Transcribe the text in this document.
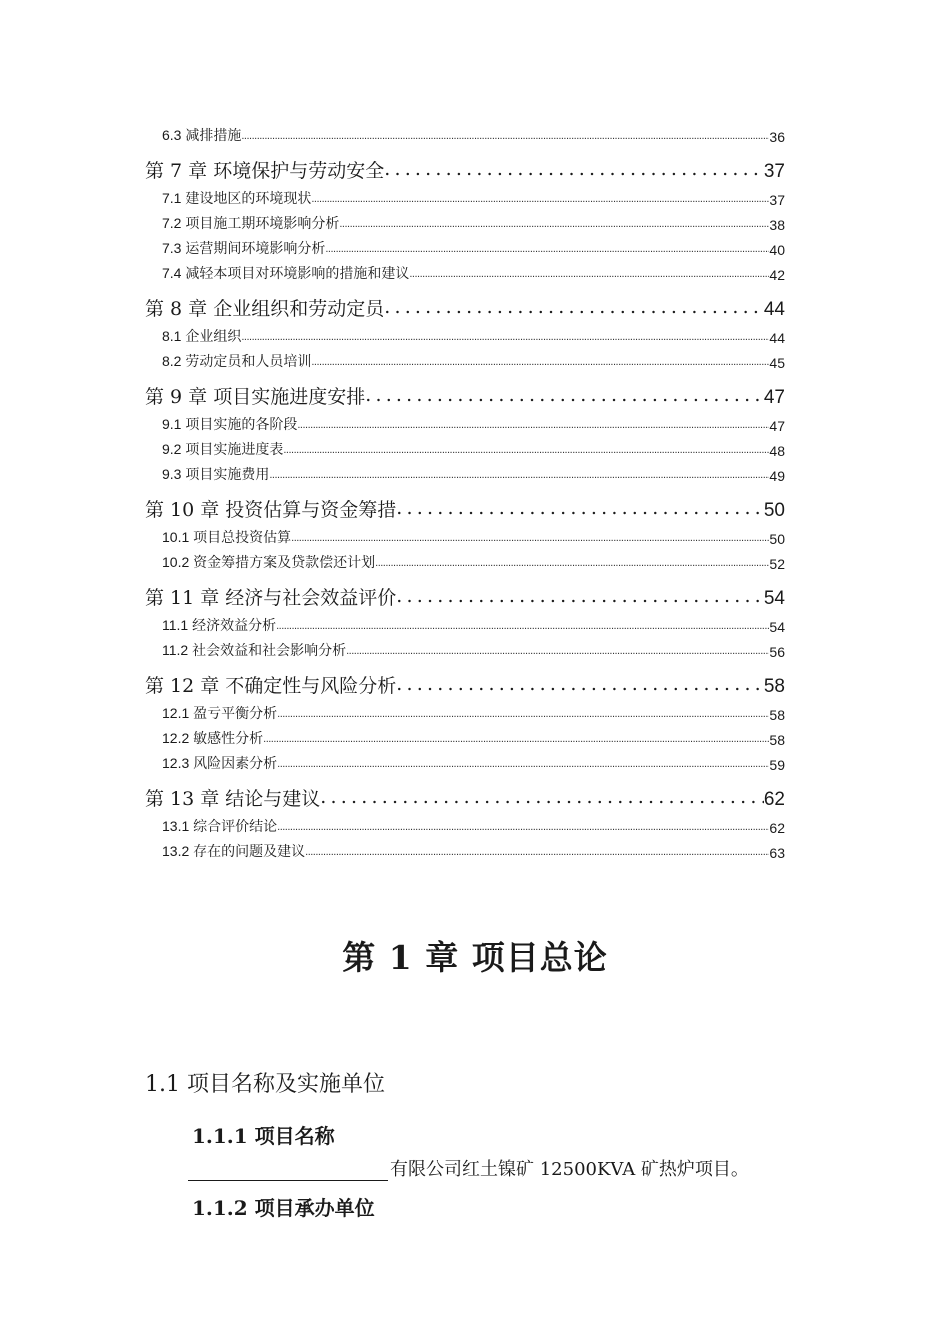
6.3 减排措施 .....	36
第 7 章 环境保护与劳动安全 .....	37
7.1 建设地区的环境现状 .....	37
7.2 项目施工期环境影响分析 .....	38
7.3 运营期间环境影响分析 .....	40
7.4 减轻本项目对环境影响的措施和建议 .....	42
第 8 章 企业组织和劳动定员 .....	44
8.1 企业组织 .....	44
8.2 劳动定员和人员培训 .....	45
第 9 章 项目实施进度安排 .....	47
9.1 项目实施的各阶段 .....	47
9.2 项目实施进度表 .....	48
9.3 项目实施费用 .....	49
第 10 章 投资估算与资金筹措 .....	50
10.1 项目总投资估算 .....	50
10.2 资金筹措方案及贷款偿还计划 .....	52
第 11 章 经济与社会效益评价 .....	54
11.1 经济效益分析 .....	54
11.2 社会效益和社会影响分析 .....	56
第 12 章 不确定性与风险分析 .....	58
12.1 盈亏平衡分析 .....	58
12.2 敏感性分析 .....	58
12.3 风险因素分析 .....	59
第 13 章 结论与建议 .....	62
13.1 综合评价结论 .....	62
13.2 存在的问题及建议 .....	63
第 1 章 项目总论
1.1 项目名称及实施单位
1.1.1 项目名称
有限公司红土镍矿 12500KVA 矿热炉项目。
1.1.2 项目承办单位
